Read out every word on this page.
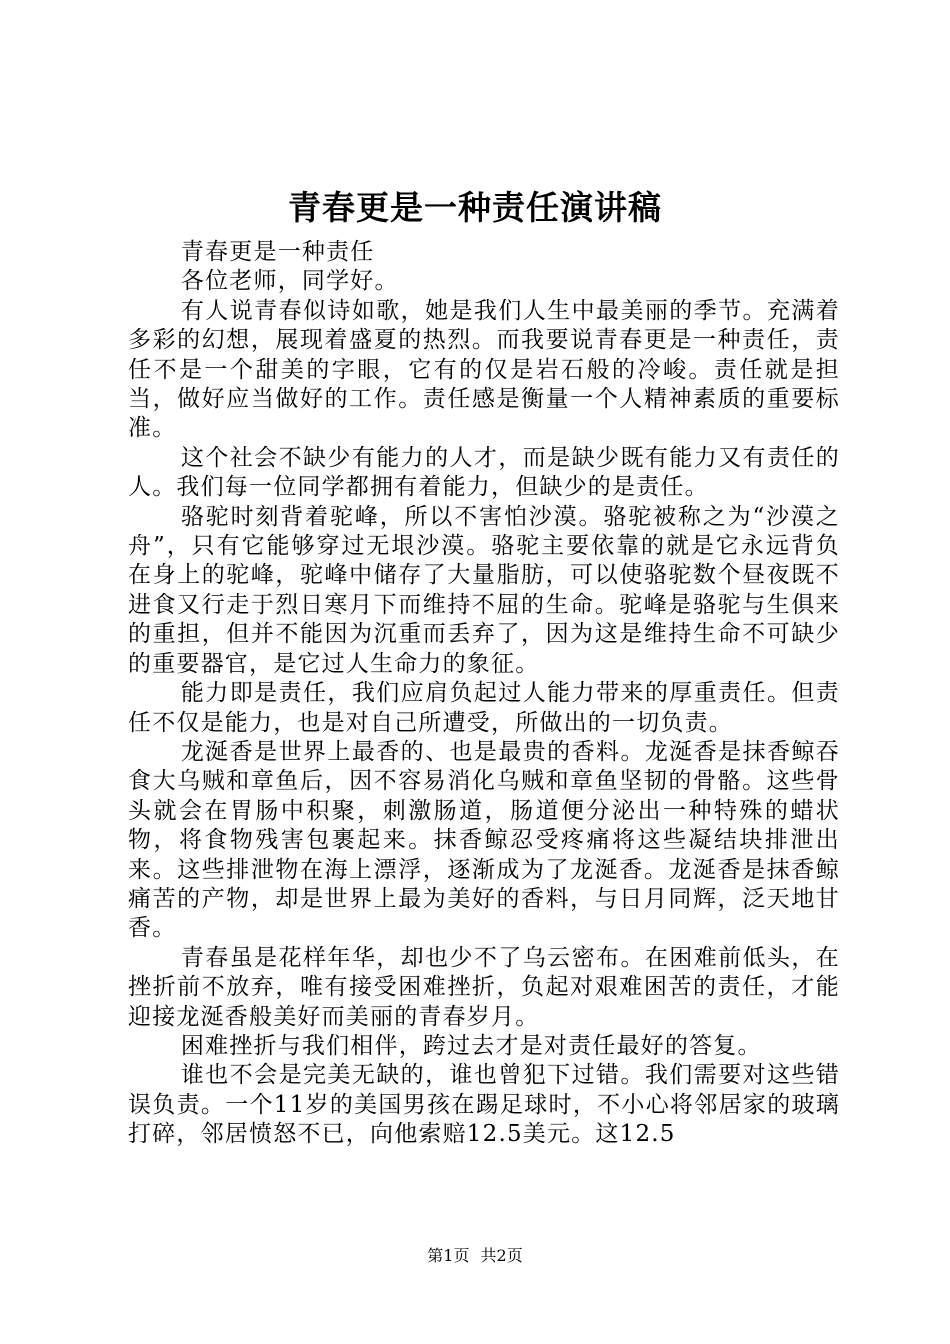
青春更是一种责任演讲稿

青春更是一种责任

各位老师，同学好。

有人说青春似诗如歌，她是我们人生中最美丽的季节。充满着多彩的幻想，展现着盛夏的热烈。而我要说青春更是一种责任，责任不是一个甜美的字眼，它有的仅是岩石般的冷峻。责任就是担当，做好应当做好的工作。责任感是衡量一个人精神素质的重要标准。

这个社会不缺少有能力的人才，而是缺少既有能力又有责任的人。我们每一位同学都拥有着能力，但缺少的是责任。

骆驼时刻背着驼峰，所以不害怕沙漠。骆驼被称之为“沙漠之舟”，只有它能够穿过无垠沙漠。骆驼主要依靠的就是它永远背负在身上的驼峰，驼峰中储存了大量脂肪，可以使骆驼数个昼夜既不进食又行走于烈日寒月下而维持不屈的生命。驼峰是骆驼与生俱来的重担，但并不能因为沉重而丢弃了，因为这是维持生命不可缺少的重要器官，是它过人生命力的象征。

能力即是责任，我们应肩负起过人能力带来的厚重责任。但责任不仅是能力，也是对自己所遭受，所做出的一切负责。

龙涎香是世界上最香的、也是最贵的香料。龙涎香是抹香鲸吞食大乌贼和章鱼后，因不容易消化乌贼和章鱼坚韧的骨骼。这些骨头就会在胃肠中积聚，刺激肠道，肠道便分泌出一种特殊的蜡状物，将食物残害包裹起来。抹香鲸忍受疼痛将这些凝结块排泄出来。这些排泄物在海上漂浮，逐渐成为了龙涎香。龙涎香是抹香鲸痛苦的产物，却是世界上最为美好的香料，与日月同辉，泛天地甘香。

青春虽是花样年华，却也少不了乌云密布。在困难前低头，在挫折前不放弃，唯有接受困难挫折，负起对艰难困苦的责任，才能迎接龙涎香般美好而美丽的青春岁月。

困难挫折与我们相伴，跨过去才是对责任最好的答复。

谁也不会是完美无缺的，谁也曾犯下过错。我们需要对这些错误负责。一个11岁的美国男孩在踢足球时，不小心将邻居家的玻璃打碎，邻居愤怒不已，向他索赔12.5美元。这12.5

第1页 共2页
